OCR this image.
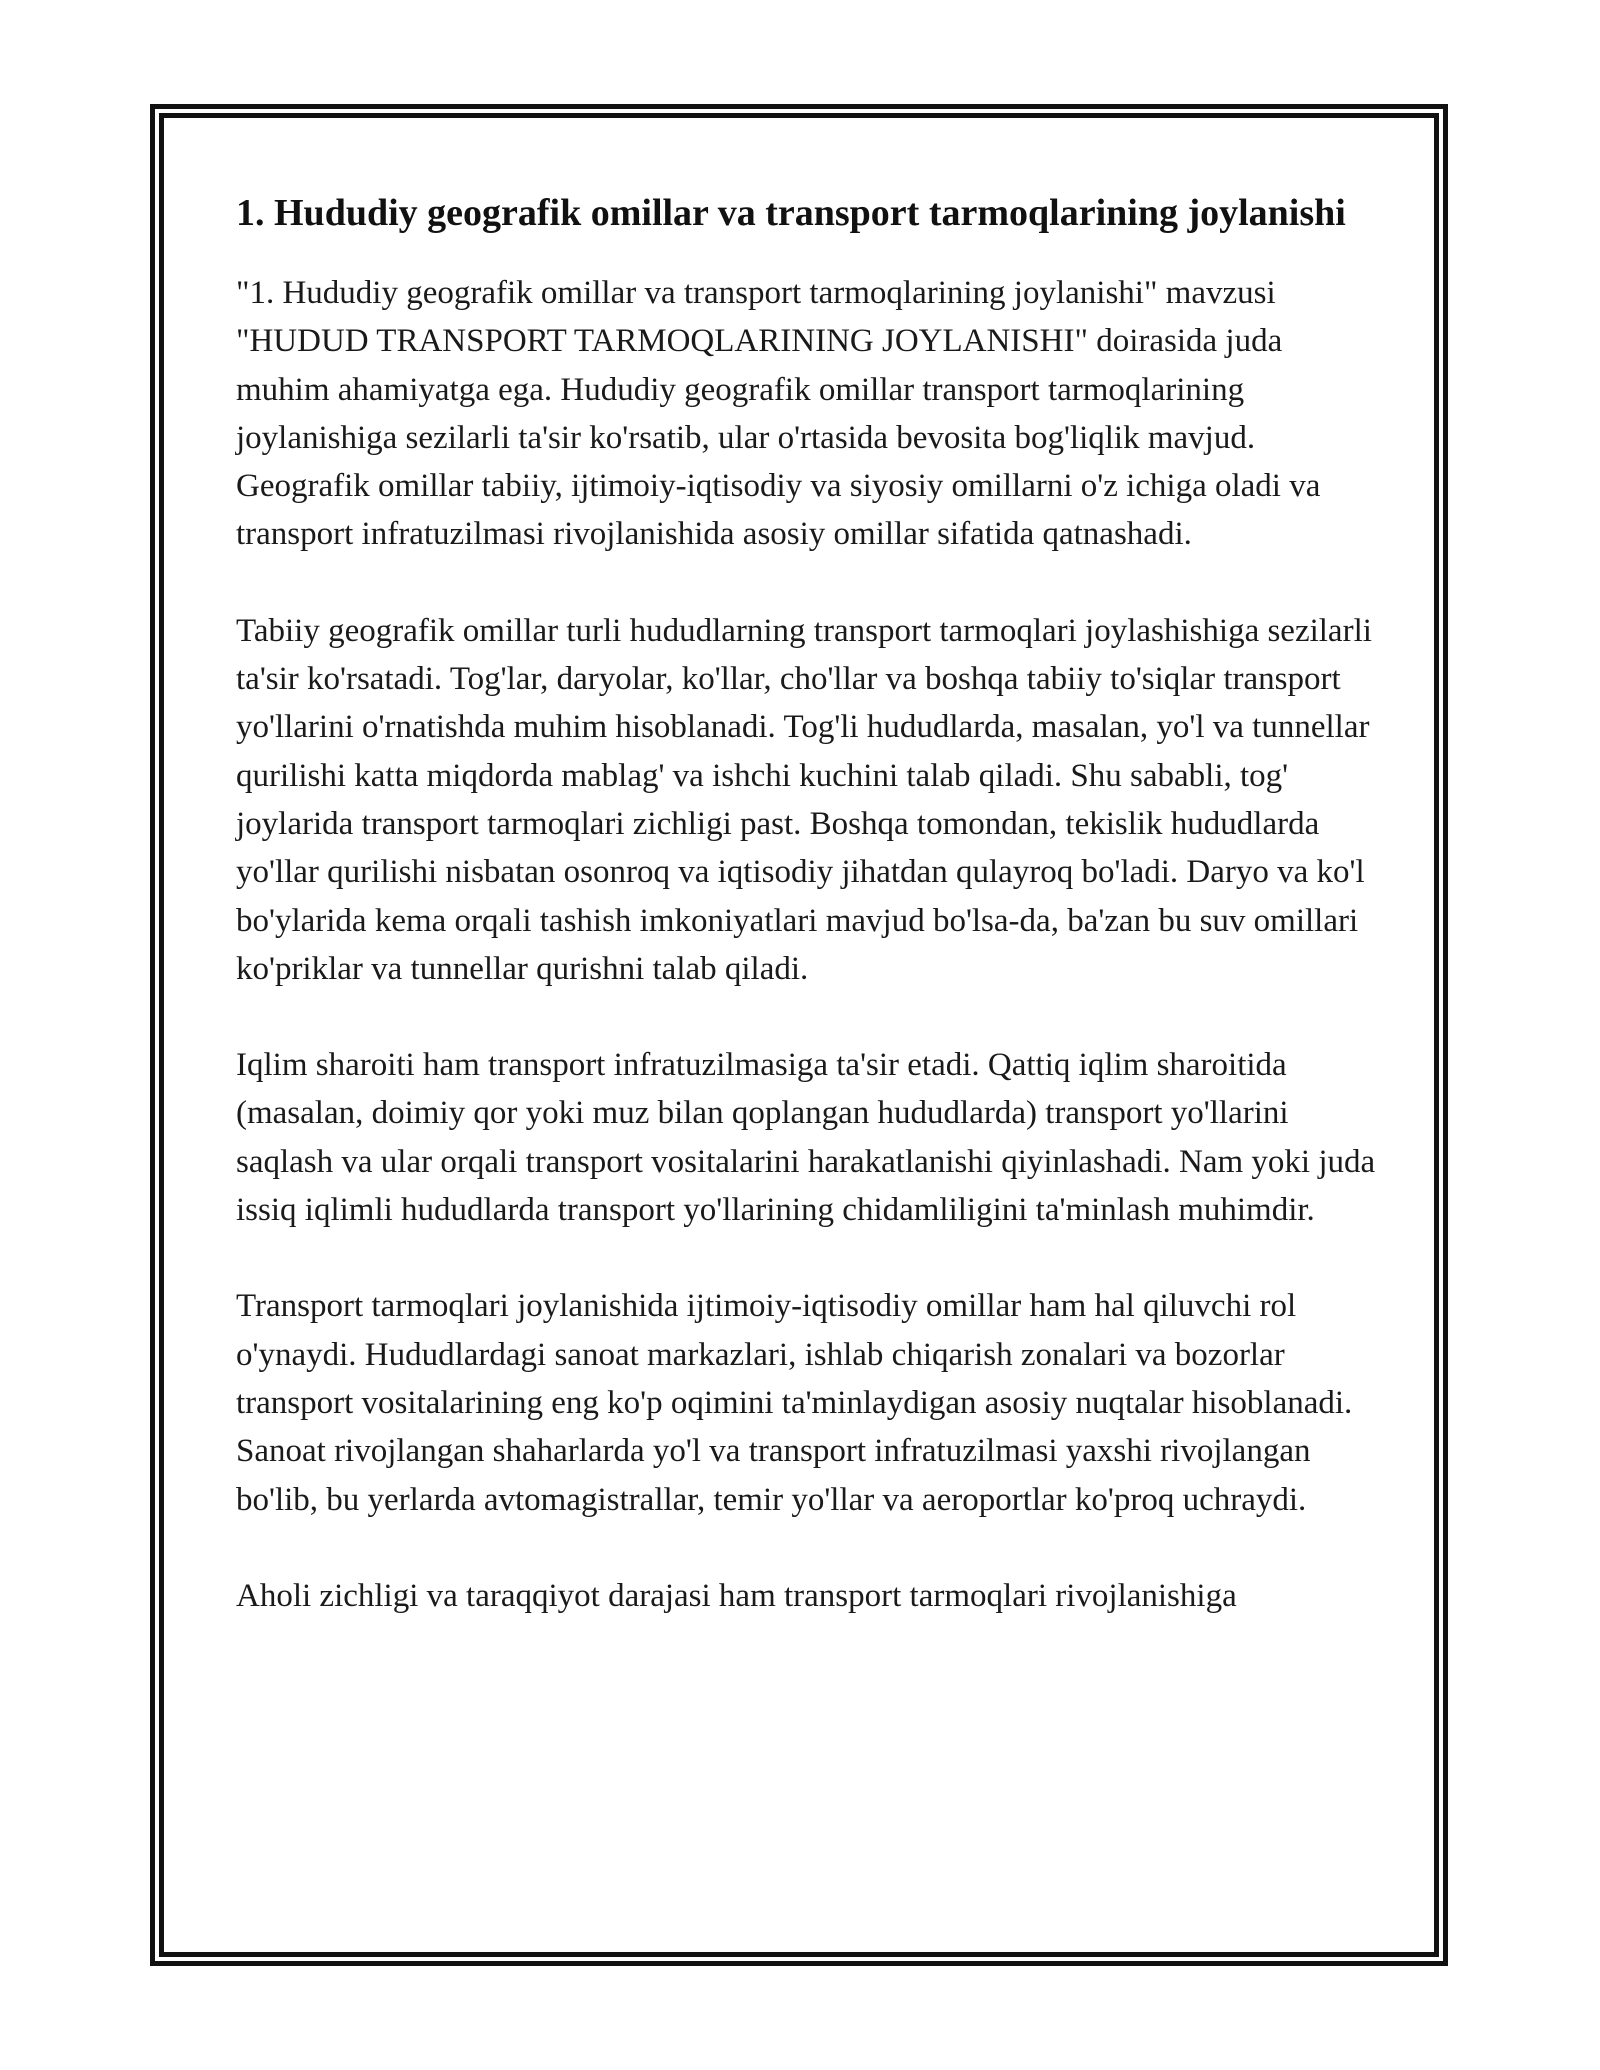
1. Hududiy geografik omillar va transport tarmoqlarining joylanishi

"1. Hududiy geografik omillar va transport tarmoqlarining joylanishi" mavzusi "HUDUD TRANSPORT TARMOQLARINING JOYLANISHI" doirasida juda muhim ahamiyatga ega. Hududiy geografik omillar transport tarmoqlarining joylanishiga sezilarli ta'sir ko'rsatib, ular o'rtasida bevosita bog'liqlik mavjud. Geografik omillar tabiiy, ijtimoiy-iqtisodiy va siyosiy omillarni o'z ichiga oladi va transport infratuzilmasi rivojlanishida asosiy omillar sifatida qatnashadi.

Tabiiy geografik omillar turli hududlarning transport tarmoqlari joylashishiga sezilarli ta'sir ko'rsatadi. Tog'lar, daryolar, ko'llar, cho'llar va boshqa tabiiy to'siqlar transport yo'llarini o'rnatishda muhim hisoblanadi. Tog'li hududlarda, masalan, yo'l va tunnellar qurilishi katta miqdorda mablag' va ishchi kuchini talab qiladi. Shu sababli, tog' joylarida transport tarmoqlari zichligi past. Boshqa tomondan, tekislik hududlarda yo'llar qurilishi nisbatan osonroq va iqtisodiy jihatdan qulayroq bo'ladi. Daryo va ko'l bo'ylarida kema orqali tashish imkoniyatlari mavjud bo'lsa-da, ba'zan bu suv omillari ko'priklar va tunnellar qurishni talab qiladi.

Iqlim sharoiti ham transport infratuzilmasiga ta'sir etadi. Qattiq iqlim sharoitida (masalan, doimiy qor yoki muz bilan qoplangan hududlarda) transport yo'llarini saqlash va ular orqali transport vositalarini harakatlanishi qiyinlashadi. Nam yoki juda issiq iqlimli hududlarda transport yo'llarining chidamliligini ta'minlash muhimdir.

Transport tarmoqlari joylanishida ijtimoiy-iqtisodiy omillar ham hal qiluvchi rol o'ynaydi. Hududlardagi sanoat markazlari, ishlab chiqarish zonalari va bozorlar transport vositalarining eng ko'p oqimini ta'minlaydigan asosiy nuqtalar hisoblanadi. Sanoat rivojlangan shaharlarda yo'l va transport infratuzilmasi yaxshi rivojlangan bo'lib, bu yerlarda avtomagistrallar, temir yo'llar va aeroportlar ko'proq uchraydi.

Aholi zichligi va taraqqiyot darajasi ham transport tarmoqlari rivojlanishiga
